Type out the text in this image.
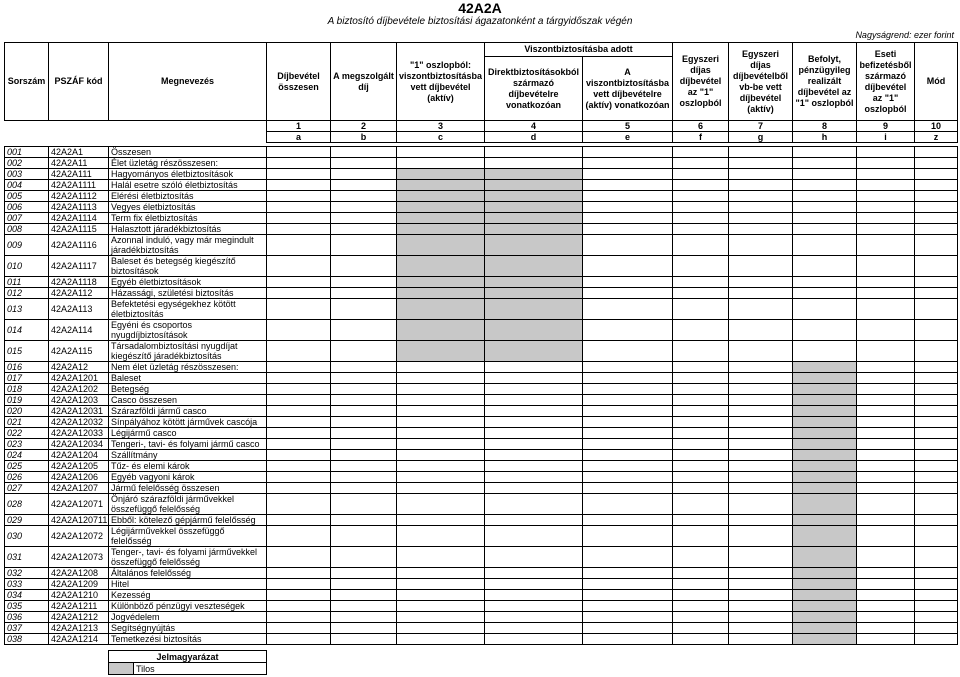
42A2A
A biztosító díjbevétele biztosítási ágazatonként a tárgyidőszak végén
Nagyságrend: ezer forint
Sorszám	PSZÁF kód	Megnevezés	Díjbevétel összesen	A megszolgált díj	"1" oszlopból: viszontbiztosításba vett díjbevétel (aktív)	Viszontbiztosításba adott		Egyszeri díjas díjbevétel az "1" oszlopból	Egyszeri díjas díjbevételből vb-be vett díjbevétel (aktív)	Befolyt, pénzügyileg realizált díjbevétel az "1" oszlopból	Eseti befizetésből származó díjbevétel az "1" oszlopból	Mód
						Direktbiztosításokból származó díjbevételre vonatkozóan	A viszontbiztosításba vett díjbevételre (aktív) vonatkozóan					
			1	2	3	4	5	6	7	8	9	10
			a	b	c	d	e	f	g	h	i	z

001	42A2A1	Összesen										
002	42A2A11	Élet üzletág részösszesen:										
003	42A2A111	Hagyományos életbiztosítások										
004	42A2A1111	Halál esetre szóló életbiztosítás										
005	42A2A1112	Elérési életbiztosítás										
006	42A2A1113	Vegyes életbiztosítás										
007	42A2A1114	Term fix életbiztosítás										
008	42A2A1115	Halasztott járadékbiztosítás										
009	42A2A1116	Azonnal induló, vagy már megindult járadékbiztosítás										
010	42A2A1117	Baleset és betegség kiegészítő biztosítások										
011	42A2A1118	Egyéb életbiztosítások										
012	42A2A112	Házassági, születési biztosítás										
013	42A2A113	Befektetési egységekhez kötött életbiztosítás										
014	42A2A114	Egyéni és csoportos nyugdíjbiztosítások										
015	42A2A115	Társadalombiztosítási nyugdíjat kiegészítő járadékbiztosítás										
016	42A2A12	Nem élet üzletág részösszesen:										
017	42A2A1201	Baleset										
018	42A2A1202	Betegség										
019	42A2A1203	Casco összesen										
020	42A2A12031	Szárazföldi jármű casco										
021	42A2A12032	Sínpályához kötött járművek cascója										
022	42A2A12033	Légijármű casco										
023	42A2A12034	Tengeri-, tavi- és folyami jármű casco										
024	42A2A1204	Szállítmány										
025	42A2A1205	Tűz- és elemi károk										
026	42A2A1206	Egyéb vagyoni károk										
027	42A2A1207	Jármű felelősség összesen										
028	42A2A12071	Önjáró szárazföldi járművekkel összefüggő felelősség										
029	42A2A120711	Ebből: kötelező gépjármű felelősség										
030	42A2A12072	Légijárművekkel összefüggő felelősség										
031	42A2A12073	Tenger-, tavi- és folyami járművekkel összefüggő felelősség										
032	42A2A1208	Általános felelősség										
033	42A2A1209	Hitel										
034	42A2A1210	Kezesség										
035	42A2A1211	Különböző pénzügyi veszteségek										
036	42A2A1212	Jogvédelem										
037	42A2A1213	Segítségnyújtás										
038	42A2A1214	Temetkezési biztosítás										
Jelmagyarázat
	Tilos
